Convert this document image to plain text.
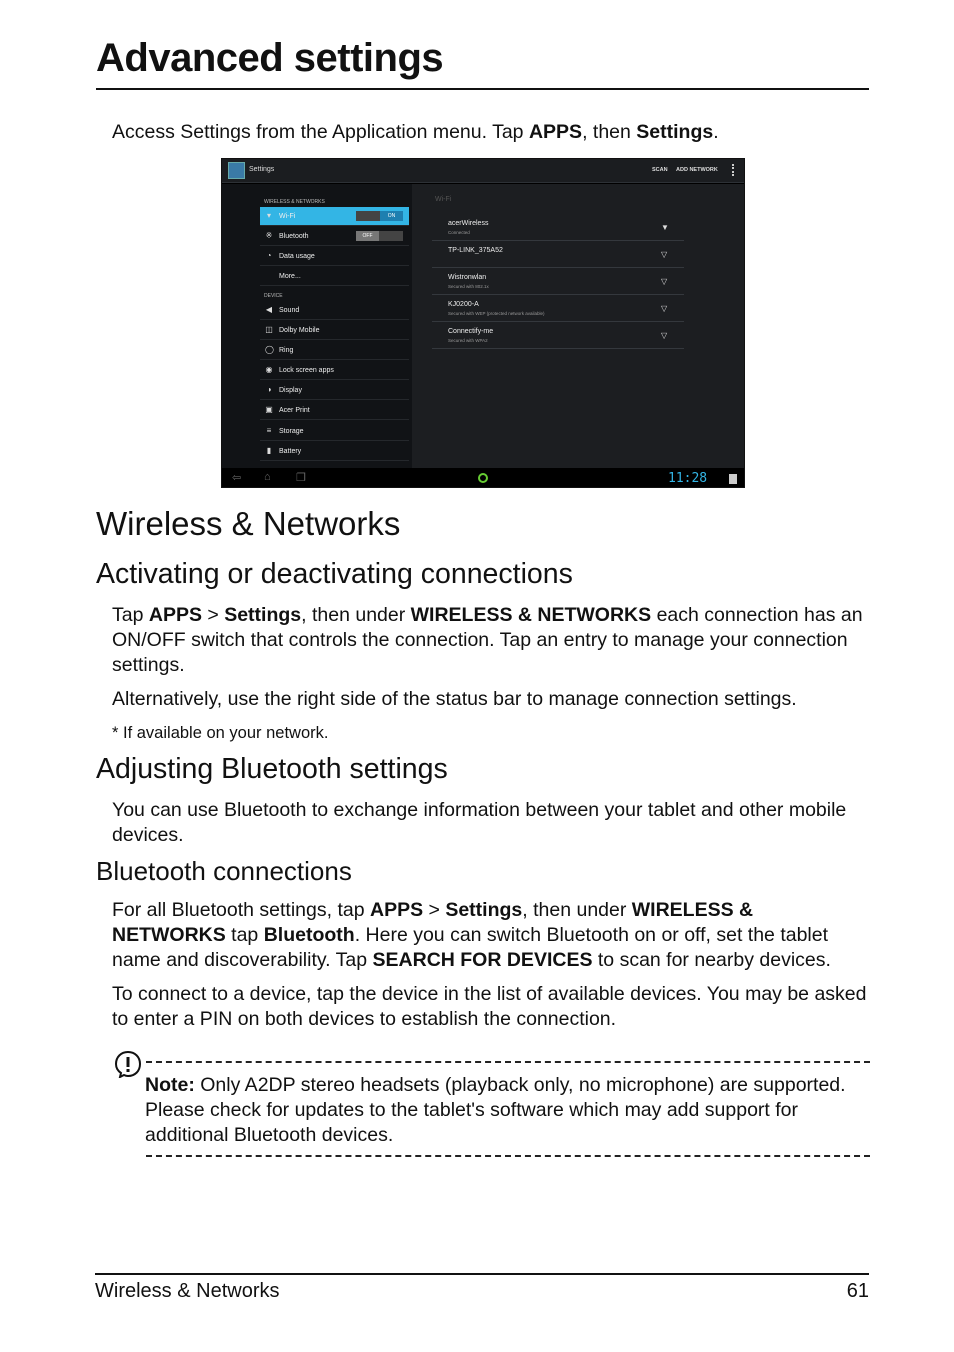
Advanced settings

Access Settings from the Application menu. Tap APPS, then Settings.

Settings	SCAN ADD NETWORK
WIRELESS & NETWORKS
▾ Wi-Fi	ON
※ Bluetooth	OFF
◔ Data usage
More...
DEVICE
◀ Sound
◫ Dolby Mobile
◯ Ring
◉ Lock screen apps
◑ Display
▣ Acer Print
≡ Storage
▮ Battery
Wi-Fi
acerWireless
Connected
▼
TP-LINK_375A52	▽
Wistronwlan
Secured with 802.1x
▽
KJ0200-A
Secured with WEP (protected network available)
▽
Connectify-me
Secured with WPA2
▽
⇦ ⌂ ❐	11:28
Wireless & Networks
Activating or deactivating connections

Tap APPS > Settings, then under WIRELESS & NETWORKS each connection has an ON/OFF switch that controls the connection. Tap an entry to manage your connection settings.

Alternatively, use the right side of the status bar to manage connection settings.

* If available on your network.

Adjusting Bluetooth settings

You can use Bluetooth to exchange information between your tablet and other mobile devices.

Bluetooth connections

For all Bluetooth settings, tap APPS > Settings, then under WIRELESS & NETWORKS tap Bluetooth. Here you can switch Bluetooth on or off, set the tablet name and discoverability. Tap SEARCH FOR DEVICES to scan for nearby devices.

To connect to a device, tap the device in the list of available devices. You may be asked to enter a PIN on both devices to establish the connection.

Note: Only A2DP stereo headsets (playback only, no microphone) are supported. Please check for updates to the tablet's software which may add support for additional Bluetooth devices.

Wireless & Networks	61
